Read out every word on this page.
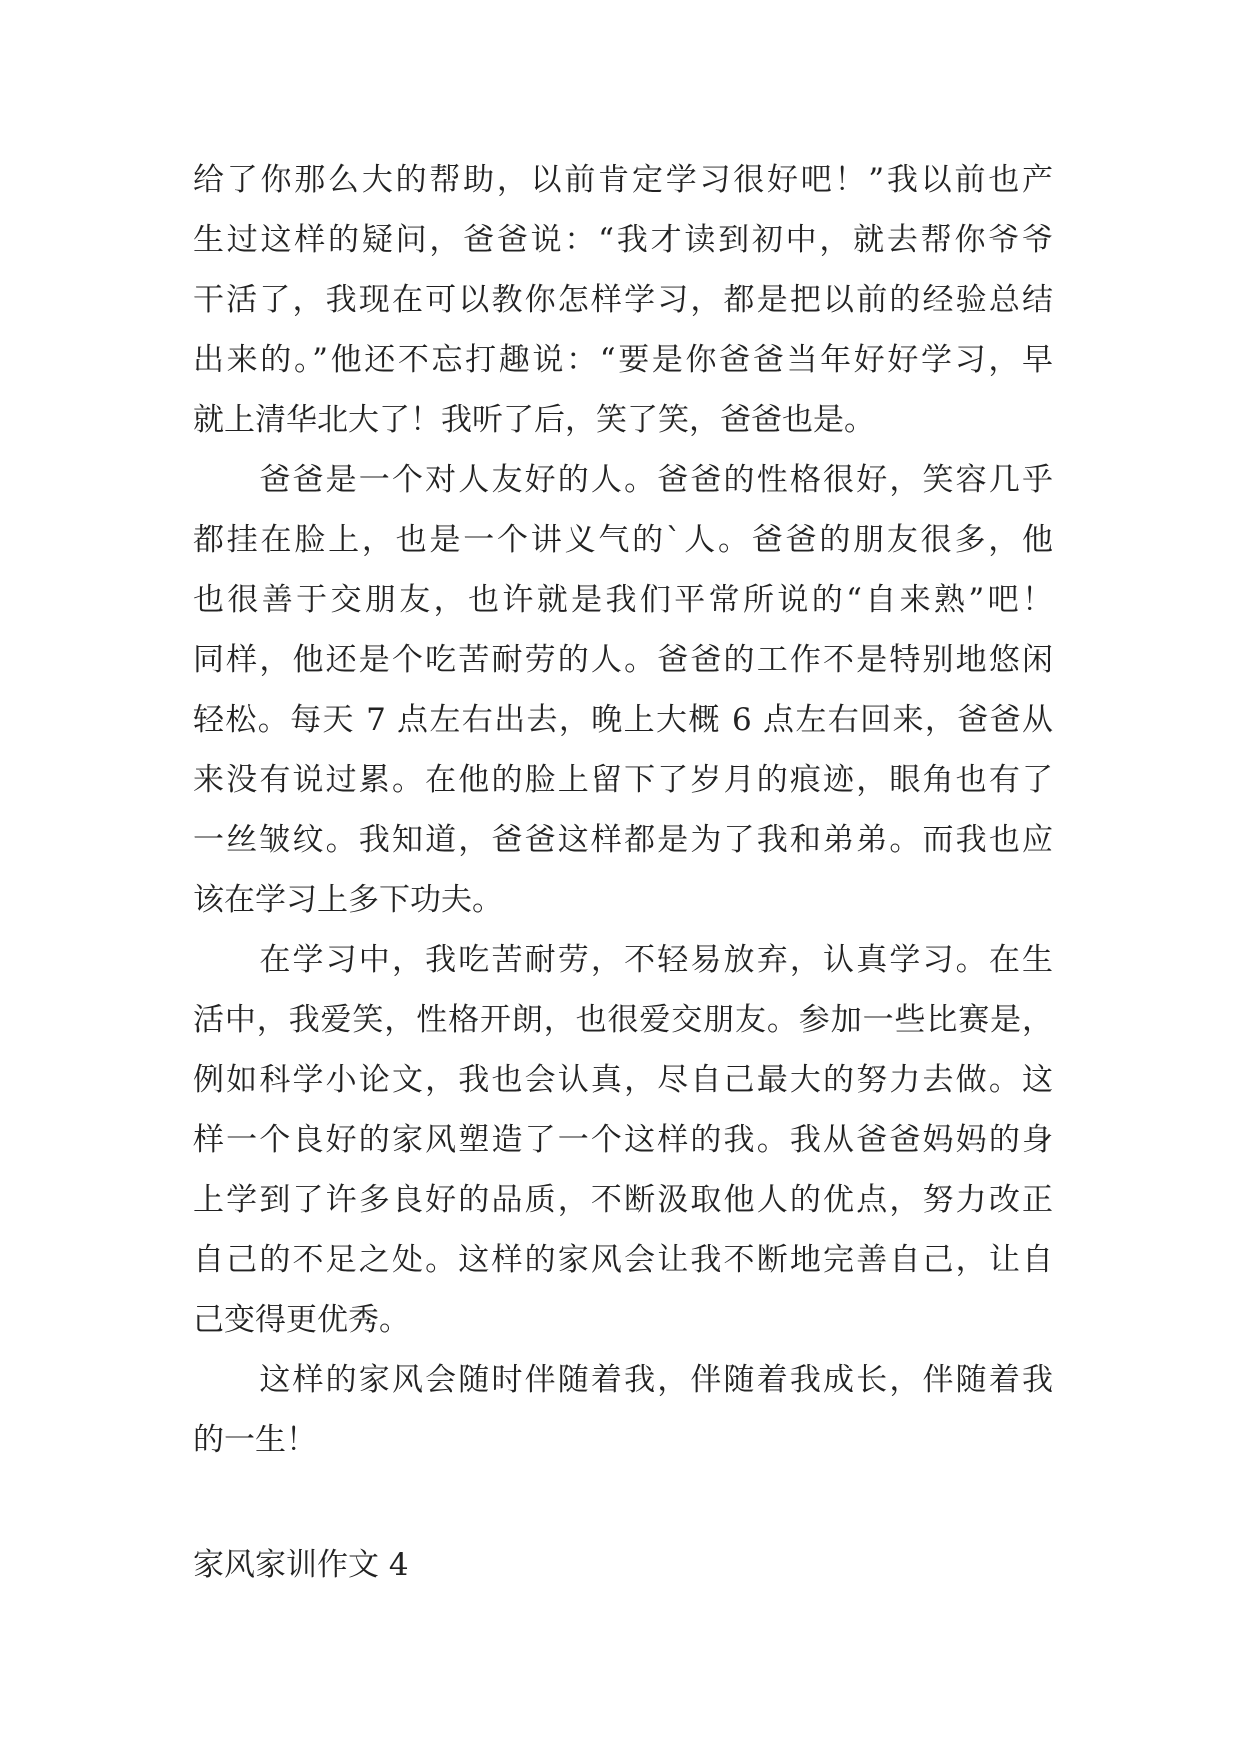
给了你那么大的帮助，以前肯定学习很好吧！”我以前也产
生过这样的疑问，爸爸说：“我才读到初中，就去帮你爷爷
干活了，我现在可以教你怎样学习，都是把以前的经验总结
出来的。”他还不忘打趣说：“要是你爸爸当年好好学习，早
就上清华北大了！我听了后，笑了笑，爸爸也是。
　　爸爸是一个对人友好的人。爸爸的性格很好，笑容几乎
都挂在脸上，也是一个讲义气的`人。爸爸的朋友很多，他
也很善于交朋友，也许就是我们平常所说的“自来熟”吧！
同样，他还是个吃苦耐劳的人。爸爸的工作不是特别地悠闲
轻松。每天 7 点左右出去，晚上大概 6 点左右回来，爸爸从
来没有说过累。在他的脸上留下了岁月的痕迹，眼角也有了
一丝皱纹。我知道，爸爸这样都是为了我和弟弟。而我也应
该在学习上多下功夫。
　　在学习中，我吃苦耐劳，不轻易放弃，认真学习。在生
活中，我爱笑，性格开朗，也很爱交朋友。参加一些比赛是，
例如科学小论文，我也会认真，尽自己最大的努力去做。这
样一个良好的家风塑造了一个这样的我。我从爸爸妈妈的身
上学到了许多良好的品质，不断汲取他人的优点，努力改正
自己的不足之处。这样的家风会让我不断地完善自己，让自
己变得更优秀。
　　这样的家风会随时伴随着我，伴随着我成长，伴随着我
的一生！
家风家训作文 4
